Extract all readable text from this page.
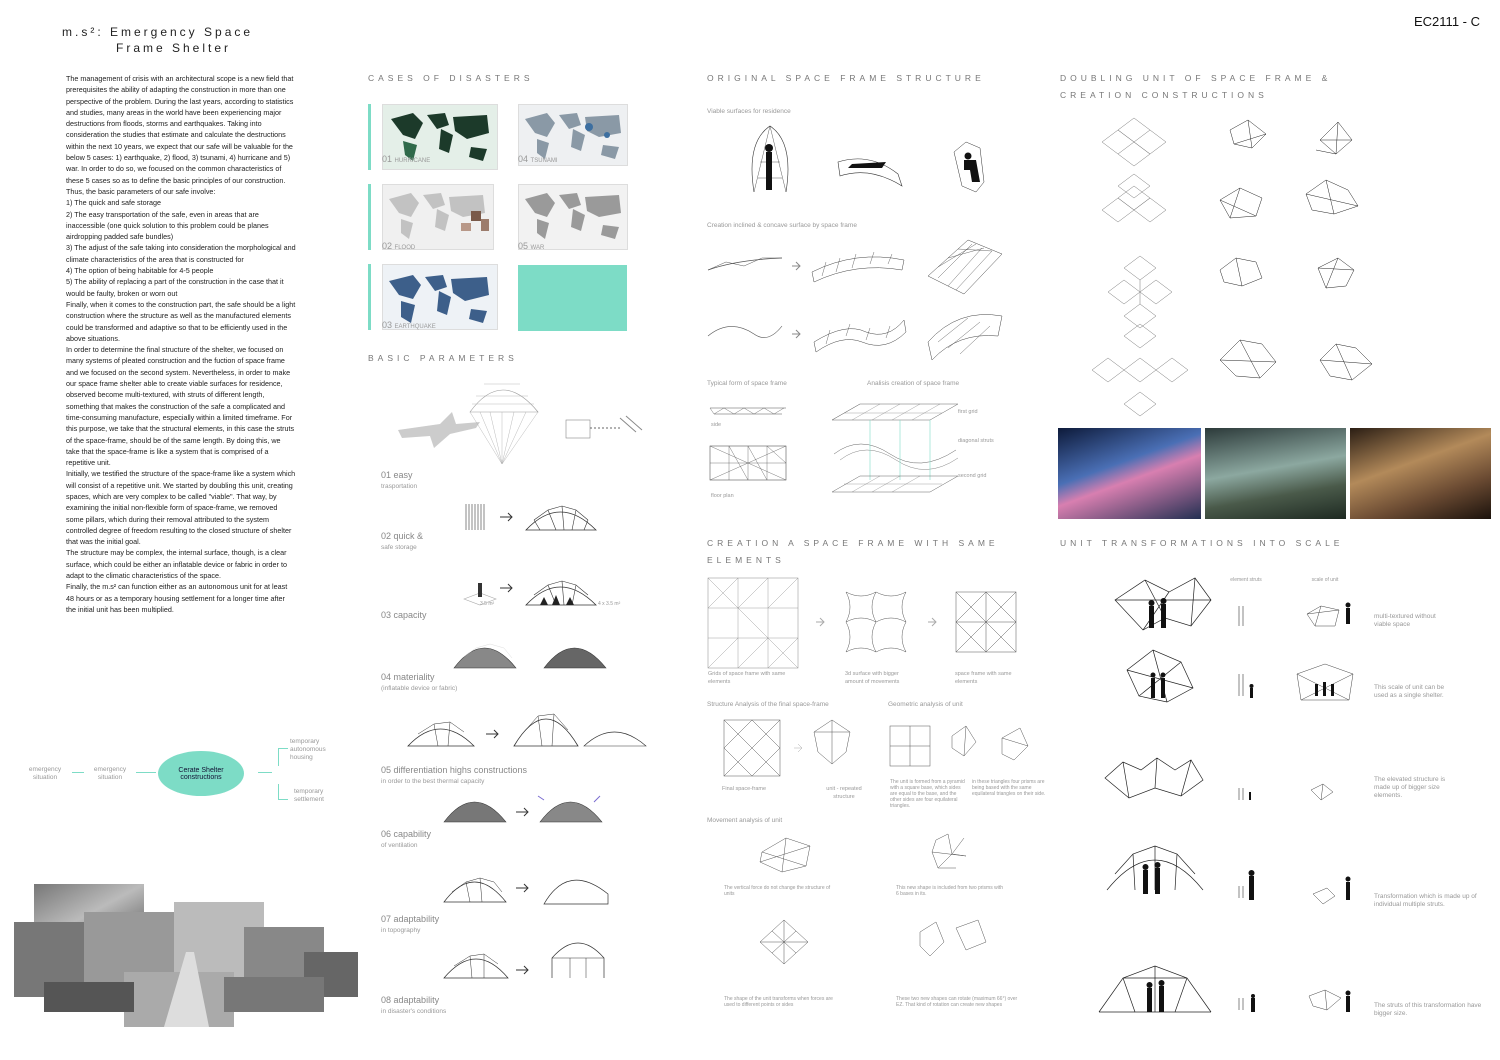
m.s²: Emergency Space
Frame Shelter
EC2111 - C
The management of crisis with an architectural scope is a new field that prerequisites the ability of adapting the construction in more than one perspective of the problem. During the last years, according to statistics and studies, many areas in the world have been experiencing major destructions from floods, storms and earthquakes. Taking into consideration the studies that estimate and calculate the destructions within the next 10 years, we expect that our safe will be valuable for the below 5 cases: 1) earthquake, 2) flood, 3) tsunami, 4) hurricane and 5) war. In order to do so, we focused on the common characteristics of these 5 cases so as to define the basic principles of our construction. Thus, the basic parameters of our safe involve:
1) The quick and safe storage
2) The easy transportation of the safe, even in areas that are inaccessible (one quick solution to this problem could be planes airdropping padded safe bundles)
3) The adjust of the safe taking into consideration the morphological and climate characteristics of the area that is constructed for
4) The option of being habitable for 4-5 people
5) The ability of replacing a part of the construction in the case that it would be faulty, broken or worn out
Finally, when it comes to the construction part, the safe should be a light construction where the structure as well as the manufactured elements could be transformed and adaptive so that to be efficiently used in the above situations.
In order to determine the final structure of the shelter, we focused on many systems of pleated construction and the fuction of space frame and we focused on the second system. Nevertheless, in order to make our space frame shelter able to create viable surfaces for residence, observed become multi-textured, with struts of different length, something that makes the construction of the safe a complicated and time-consuming manufacture, especially within a limited timeframe. For this purpose, we take that the structural elements, in this case the struts of the space-frame, should be of the same length. By doing this, we take that the space-frame is like a system that is comprised of a repetitive unit.
Initially, we testified the structure of the space-frame like a system which will consist of a repetitive unit. We started by doubling this unit, creating spaces, which are very complex to be called "viable". That way, by examining the initial non-flexible form of space-frame, we removed some pillars, which during their removal attributed to the system controlled degree of freedom resulting to the closed structure of shelter that was the initial goal.
The structure may be complex, the internal surface, though, is a clear surface, which could be either an inflatable device or fabric in order to adapt to the climatic characteristics of the space.
Finally, the m.s² can function either as an autonomous unit for at least 48 hours or as a temporary housing settlement for a longer time after the initial unit has been multiplied.
emergency situation
emergency situation
Cerate Shelter constructions
temporary autonomous housing
temporary settlement
CASES OF DISASTERS
01 HURRICANE	04 TSUNAMI
02 FLOOD	05 WAR
03 EARTHQUAKE
BASIC PARAMETERS
01 easy
trasportation
02 quick &
safe storage
3.5 m²	4 x 3.5 m²
03 capacity
04 materiality
(inflatable device or fabric)
05 differentiation highs constructions
in order to the best thermal capacity
06 capability
of ventilation
07 adaptability
in topography
08 adaptability
in disaster's conditions
ORIGINAL SPACE FRAME STRUCTURE
Viable surfaces for residence
Creation inclined & concave surface by space frame
Typical form of space frame	Analisis creation of space frame
side
floor plan
first grid
diagonal struts
second grid
CREATION A SPACE FRAME WITH SAME
ELEMENTS
Grids of space frame with same elements
3d surface with bigger amount of movements
space frame with same elements
Structure Analysis of the final space-frame	Geometric analysis of unit
Final space-frame	unit - repeated structure
The unit is formed from a pyramid with a square base, which sides are equal to the base, and the other sides are four equilateral triangles.
in these triangles four prisms are being based with the same equilateral triangles on their side.
Movement analysis of unit
The vertical force do not change the structure of units
This new shape is included from two prisms with 6 bases in its.
The shape of the unit transforms when forces are used to different points or sides
These two new shapes can rotate (maximum 66°) over EZ. That kind of rotation can create new shapes
DOUBLING UNIT OF SPACE FRAME &
CREATION CONSTRUCTIONS
UNIT TRANSFORMATIONS INTO SCALE
element struts	scale of unit
multi-textured without viable space
This scale of unit can be used as a single shelter.
The elevated structure is made up of bigger size elements.
Transformation which is made up of individual multiple struts.
The struts of this transformation have bigger size.
